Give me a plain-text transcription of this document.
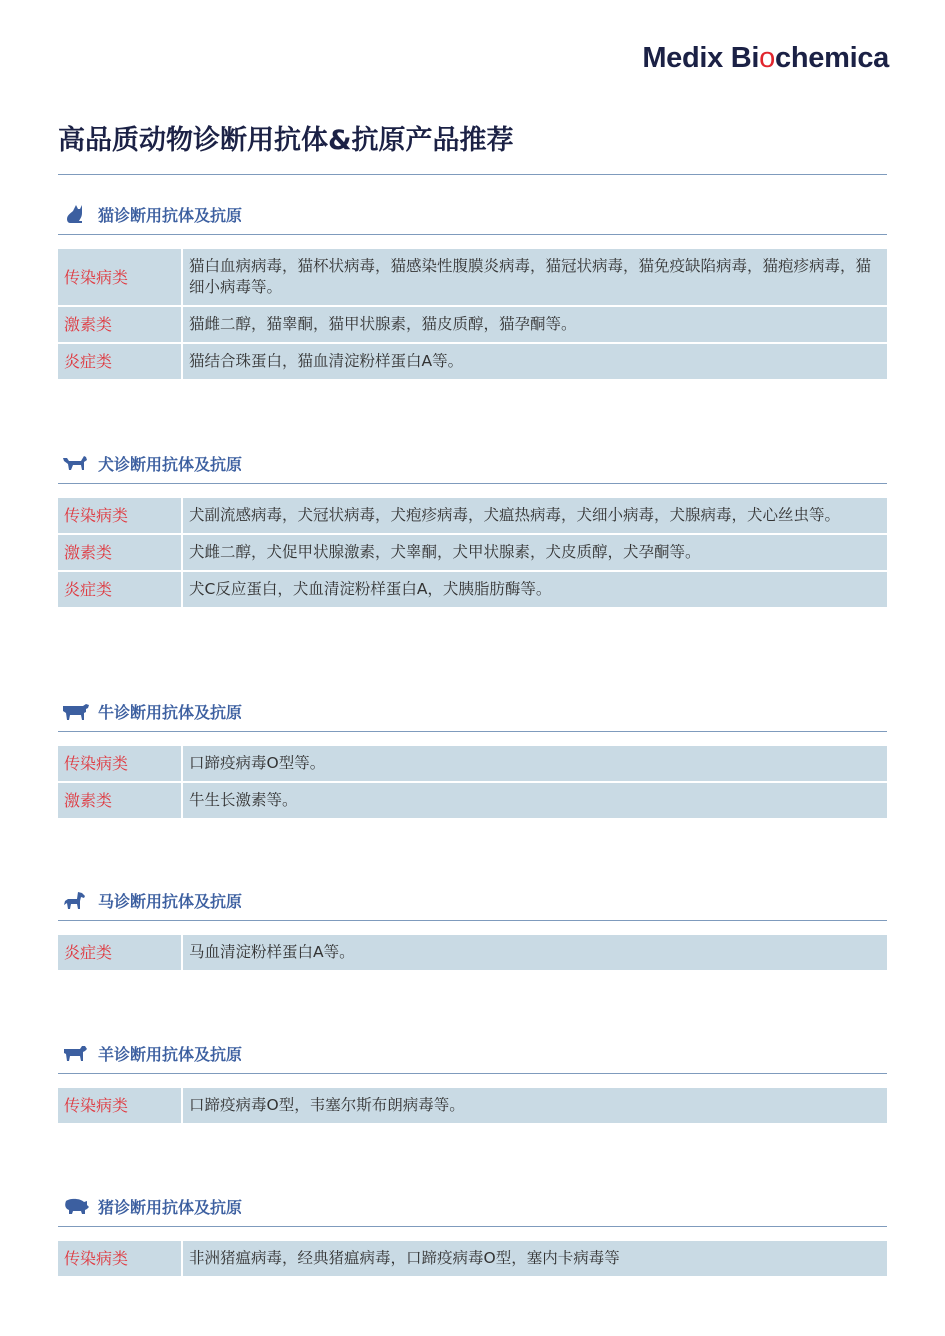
Medix Biochemica
高品质动物诊断用抗体&抗原产品推荐
猫诊断用抗体及抗原
传染病类	猫白血病病毒，猫杯状病毒，猫感染性腹膜炎病毒，猫冠状病毒，猫免疫缺陷病毒，猫疱疹病毒，猫细小病毒等。
激素类	猫雌二醇，猫睾酮，猫甲状腺素，猫皮质醇，猫孕酮等。
炎症类	猫结合珠蛋白，猫血清淀粉样蛋白A等。
犬诊断用抗体及抗原
传染病类	犬副流感病毒，犬冠状病毒，犬疱疹病毒，犬瘟热病毒，犬细小病毒，犬腺病毒，犬心丝虫等。
激素类	犬雌二醇，犬促甲状腺激素，犬睾酮，犬甲状腺素，犬皮质醇，犬孕酮等。
炎症类	犬C反应蛋白，犬血清淀粉样蛋白A，犬胰脂肪酶等。
牛诊断用抗体及抗原
传染病类	口蹄疫病毒O型等。
激素类	牛生长激素等。
马诊断用抗体及抗原
炎症类	马血清淀粉样蛋白A等。
羊诊断用抗体及抗原
传染病类	口蹄疫病毒O型，韦塞尔斯布朗病毒等。
猪诊断用抗体及抗原
传染病类	非洲猪瘟病毒，经典猪瘟病毒，口蹄疫病毒O型，塞内卡病毒等
